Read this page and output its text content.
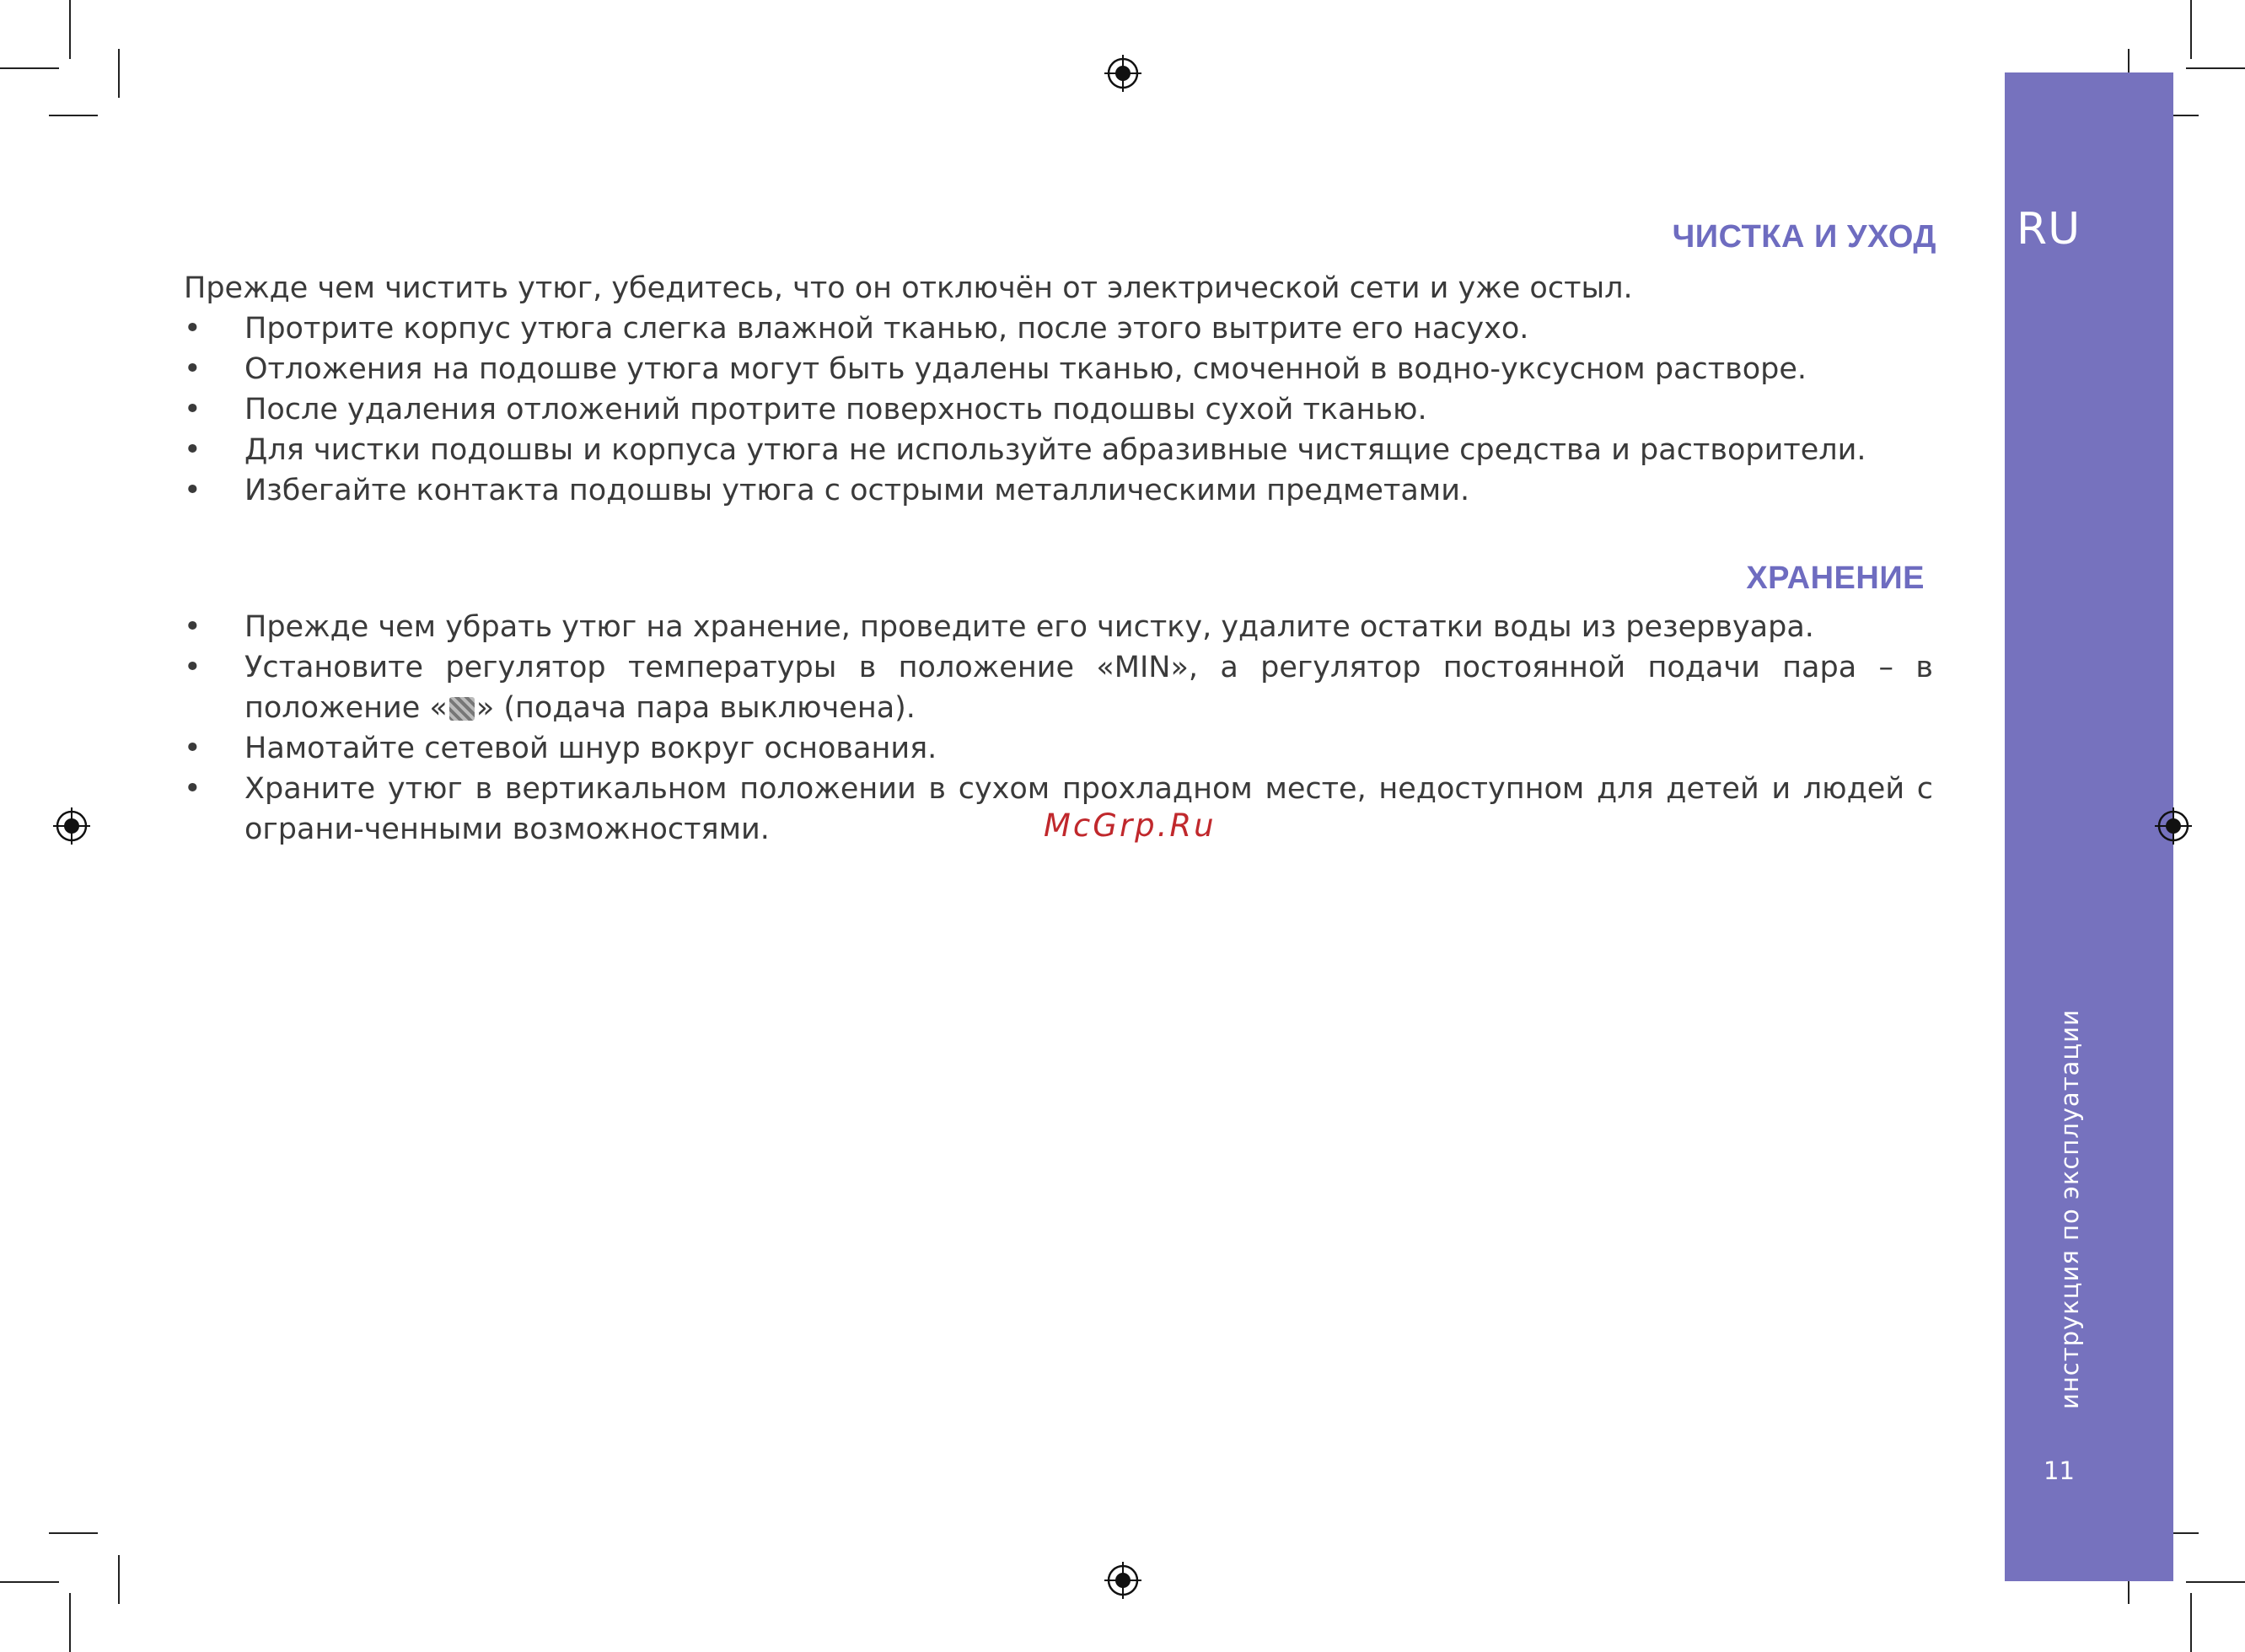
RU
инструкция по эксплуатации
11
ЧИСТКА И УХОД
Прежде чем чистить утюг, убедитесь, что он отключён от электрической сети и уже остыл.
• Протрите корпус утюга слегка влажной тканью, после этого вытрите его насухо.
• Отложения на подошве утюга могут быть удалены тканью, смоченной в водно-уксусном растворе.
• После удаления отложений протрите поверхность подошвы сухой тканью.
• Для чистки подошвы и корпуса утюга не используйте абразивные чистящие средства и растворители.
• Избегайте контакта подошвы утюга с острыми металлическими предметами.
ХРАНЕНИЕ
• Прежде чем убрать утюг на хранение, проведите его чистку, удалите остатки воды из резервуара.
• Установите регулятор температуры в положение «MIN», а регулятор постоянной подачи пара – в положение « » (подача пара выключена).
• Намотайте сетевой шнур вокруг основания.
• Храните утюг в вертикальном положении в сухом прохладном месте, недоступном для детей и людей с ограни-ченными возможностями.	McGrp.Ru
